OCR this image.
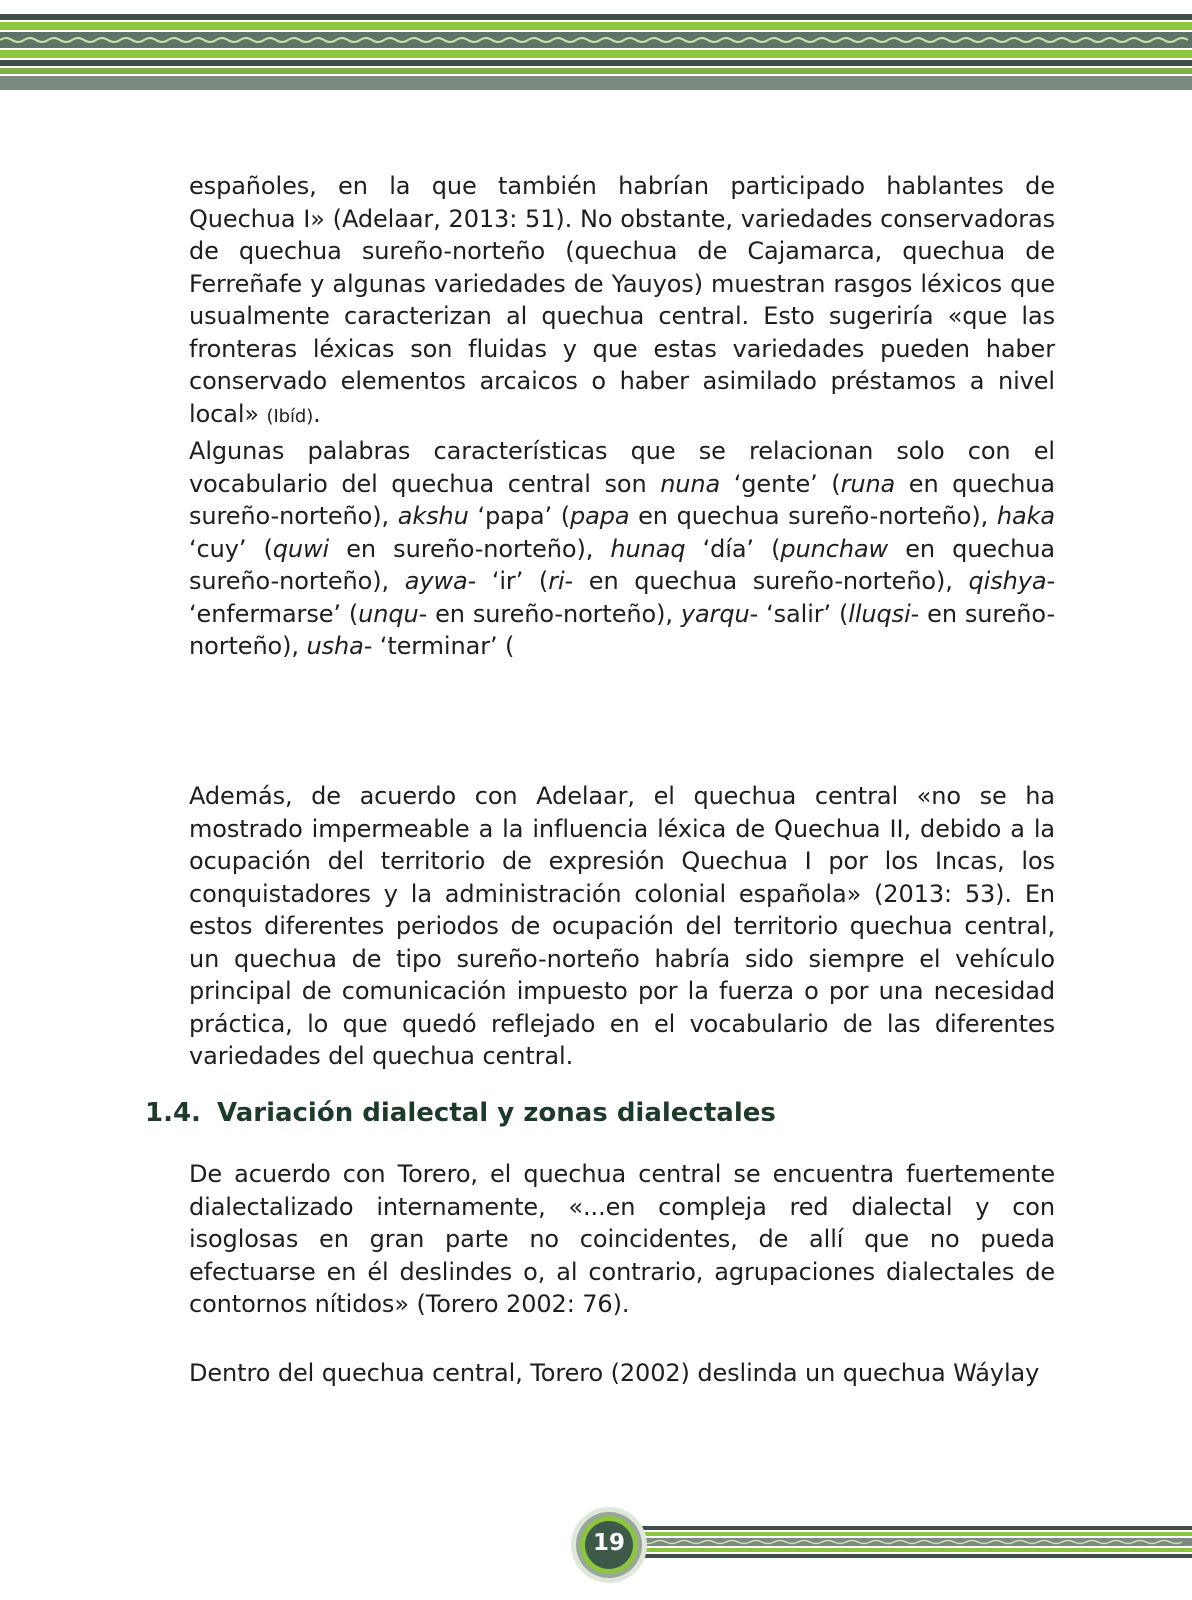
españoles, en la que también habrían participado hablantes de Quechua I» (Adelaar, 2013: 51). No obstante, variedades conservadoras de quechua sureño-norteño (quechua de Cajamarca, quechua de Ferreñafe y algunas variedades de Yauyos) muestran rasgos léxicos que usualmente caracterizan al quechua central. Esto sugeriría «que las fronteras léxicas son fluidas y que estas variedades pueden haber conservado elementos arcaicos o haber asimilado préstamos a nivel local» (Ibíd).

Algunas palabras características que se relacionan solo con el vocabulario del quechua central son nuna ‘gente’ (runa en quechua sureño-norteño), akshu ‘papa’ (papa en quechua sureño-norteño), haka ‘cuy’ (quwi en sureño-norteño), hunaq ‘día’ (punchaw en quechua sureño-norteño), aywa- ‘ir’ (ri- en quechua sureño-norteño), qishya- ‘enfermarse’ (unqu- en sureño-norteño), yarqu- ‘salir’ (lluqsi- en sureño-norteño), usha- ‘terminar’ (

Además, de acuerdo con Adelaar, el quechua central «no se ha mostrado impermeable a la influencia léxica de Quechua II, debido a la ocupación del territorio de expresión Quechua I por los Incas, los conquistadores y la administración colonial española» (2013: 53). En estos diferentes periodos de ocupación del territorio quechua central, un quechua de tipo sureño-norteño habría sido siempre el vehículo principal de comunicación impuesto por la fuerza o por una necesidad práctica, lo que quedó reflejado en el vocabulario de las diferentes variedades del quechua central.

1.4. Variación dialectal y zonas dialectales

De acuerdo con Torero, el quechua central se encuentra fuertemente dialectalizado internamente, «...en compleja red dialectal y con isoglosas en gran parte no coincidentes, de allí que no pueda efectuarse en él deslindes o, al contrario, agrupaciones dialectales de contornos nítidos» (Torero 2002: 76).

Dentro del quechua central, Torero (2002) deslinda un quechua Wáylay

19
